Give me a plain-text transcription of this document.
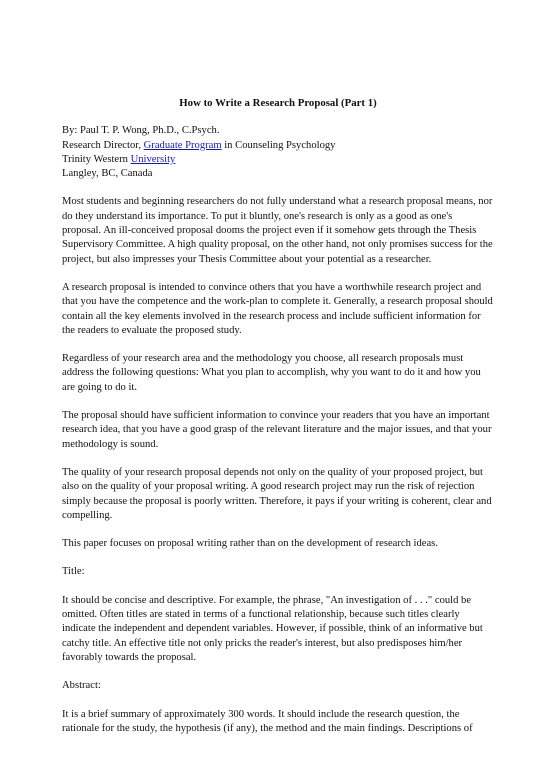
How to Write a Research Proposal (Part 1)
By: Paul T. P. Wong, Ph.D., C.Psych.
Research Director, Graduate Program in Counseling Psychology
Trinity Western University
Langley, BC, Canada

Most students and beginning researchers do not fully understand what a research proposal means, nor do they understand its importance. To put it bluntly, one's research is only as a good as one's proposal. An ill-conceived proposal dooms the project even if it somehow gets through the Thesis Supervisory Committee. A high quality proposal, on the other hand, not only promises success for the project, but also impresses your Thesis Committee about your potential as a researcher.

A research proposal is intended to convince others that you have a worthwhile research project and that you have the competence and the work-plan to complete it. Generally, a research proposal should contain all the key elements involved in the research process and include sufficient information for the readers to evaluate the proposed study.

Regardless of your research area and the methodology you choose, all research proposals must address the following questions: What you plan to accomplish, why you want to do it and how you are going to do it.

The proposal should have sufficient information to convince your readers that you have an important research idea, that you have a good grasp of the relevant literature and the major issues, and that your methodology is sound.

The quality of your research proposal depends not only on the quality of your proposed project, but also on the quality of your proposal writing. A good research project may run the risk of rejection simply because the proposal is poorly written. Therefore, it pays if your writing is coherent, clear and compelling.

This paper focuses on proposal writing rather than on the development of research ideas.

Title:

It should be concise and descriptive. For example, the phrase, "An investigation of . . ." could be omitted. Often titles are stated in terms of a functional relationship, because such titles clearly indicate the independent and dependent variables. However, if possible, think of an informative but catchy title. An effective title not only pricks the reader's interest, but also predisposes him/her favorably towards the proposal.

Abstract:

It is a brief summary of approximately 300 words. It should include the research question, the rationale for the study, the hypothesis (if any), the method and the main findings. Descriptions of
